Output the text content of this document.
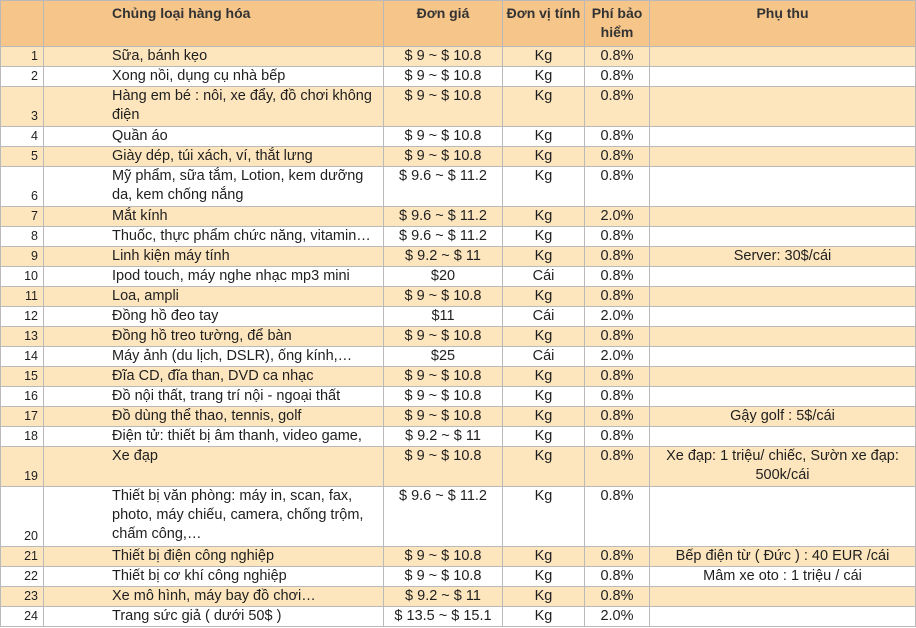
	Chủng loại hàng hóa	Đơn giá	Đơn vị tính	Phí bảo hiểm	Phụ thu
1	Sữa, bánh kẹo	$ 9 ~ $ 10.8	Kg	0.8%	
2	Xong nồi, dụng cụ nhà bếp	$ 9 ~ $ 10.8	Kg	0.8%	
3	Hàng em bé : nôi, xe đẩy, đồ chơi không điện	$ 9 ~ $ 10.8	Kg	0.8%	
4	Quần áo	$ 9 ~ $ 10.8	Kg	0.8%	
5	Giày dép, túi xách, ví, thắt lưng	$ 9 ~ $ 10.8	Kg	0.8%	
6	Mỹ phẩm, sữa tắm, Lotion, kem dưỡng da, kem chống nắng	$ 9.6 ~ $ 11.2	Kg	0.8%	
7	Mắt kính	$ 9.6 ~ $ 11.2	Kg	2.0%	
8	Thuốc, thực phẩm chức năng, vitamin…	$ 9.6 ~ $ 11.2	Kg	0.8%	
9	Linh kiện máy tính	$ 9.2 ~ $ 11	Kg	0.8%	Server: 30$/cái
10	Ipod touch, máy nghe nhạc mp3 mini	$20	Cái	0.8%	
11	Loa, ampli	$ 9 ~ $ 10.8	Kg	0.8%	
12	Đồng hồ đeo tay	$11	Cái	2.0%	
13	Đồng hồ treo tường, để bàn	$ 9 ~ $ 10.8	Kg	0.8%	
14	Máy ảnh (du lịch, DSLR), ống kính,…	$25	Cái	2.0%	
15	Đĩa CD, đĩa than, DVD ca nhạc	$ 9 ~ $ 10.8	Kg	0.8%	
16	Đồ nội thất, trang trí nội - ngoại thất	$ 9 ~ $ 10.8	Kg	0.8%	
17	Đồ dùng thể thao, tennis, golf	$ 9 ~ $ 10.8	Kg	0.8%	Gậy golf : 5$/cái
18	Điện tử: thiết bị âm thanh, video game,	$ 9.2 ~ $ 11	Kg	0.8%	
19	Xe đạp	$ 9 ~ $ 10.8	Kg	0.8%	Xe đạp: 1 triệu/ chiếc, Sườn xe đạp: 500k/cái
20	Thiết bị văn phòng: máy in, scan, fax, photo, máy chiếu, camera, chống trộm, chấm công,…	$ 9.6 ~ $ 11.2	Kg	0.8%	
21	Thiết bị điện công nghiệp	$ 9 ~ $ 10.8	Kg	0.8%	Bếp điện từ ( Đức ) : 40 EUR /cái
22	Thiết bị cơ khí công nghiệp	$ 9 ~ $ 10.8	Kg	0.8%	Mâm xe oto : 1 triệu / cái
23	Xe mô hình, máy bay đồ chơi…	$ 9.2 ~ $ 11	Kg	0.8%	
24	Trang sức giả ( dưới 50$ )	$ 13.5 ~ $ 15.1	Kg	2.0%	
